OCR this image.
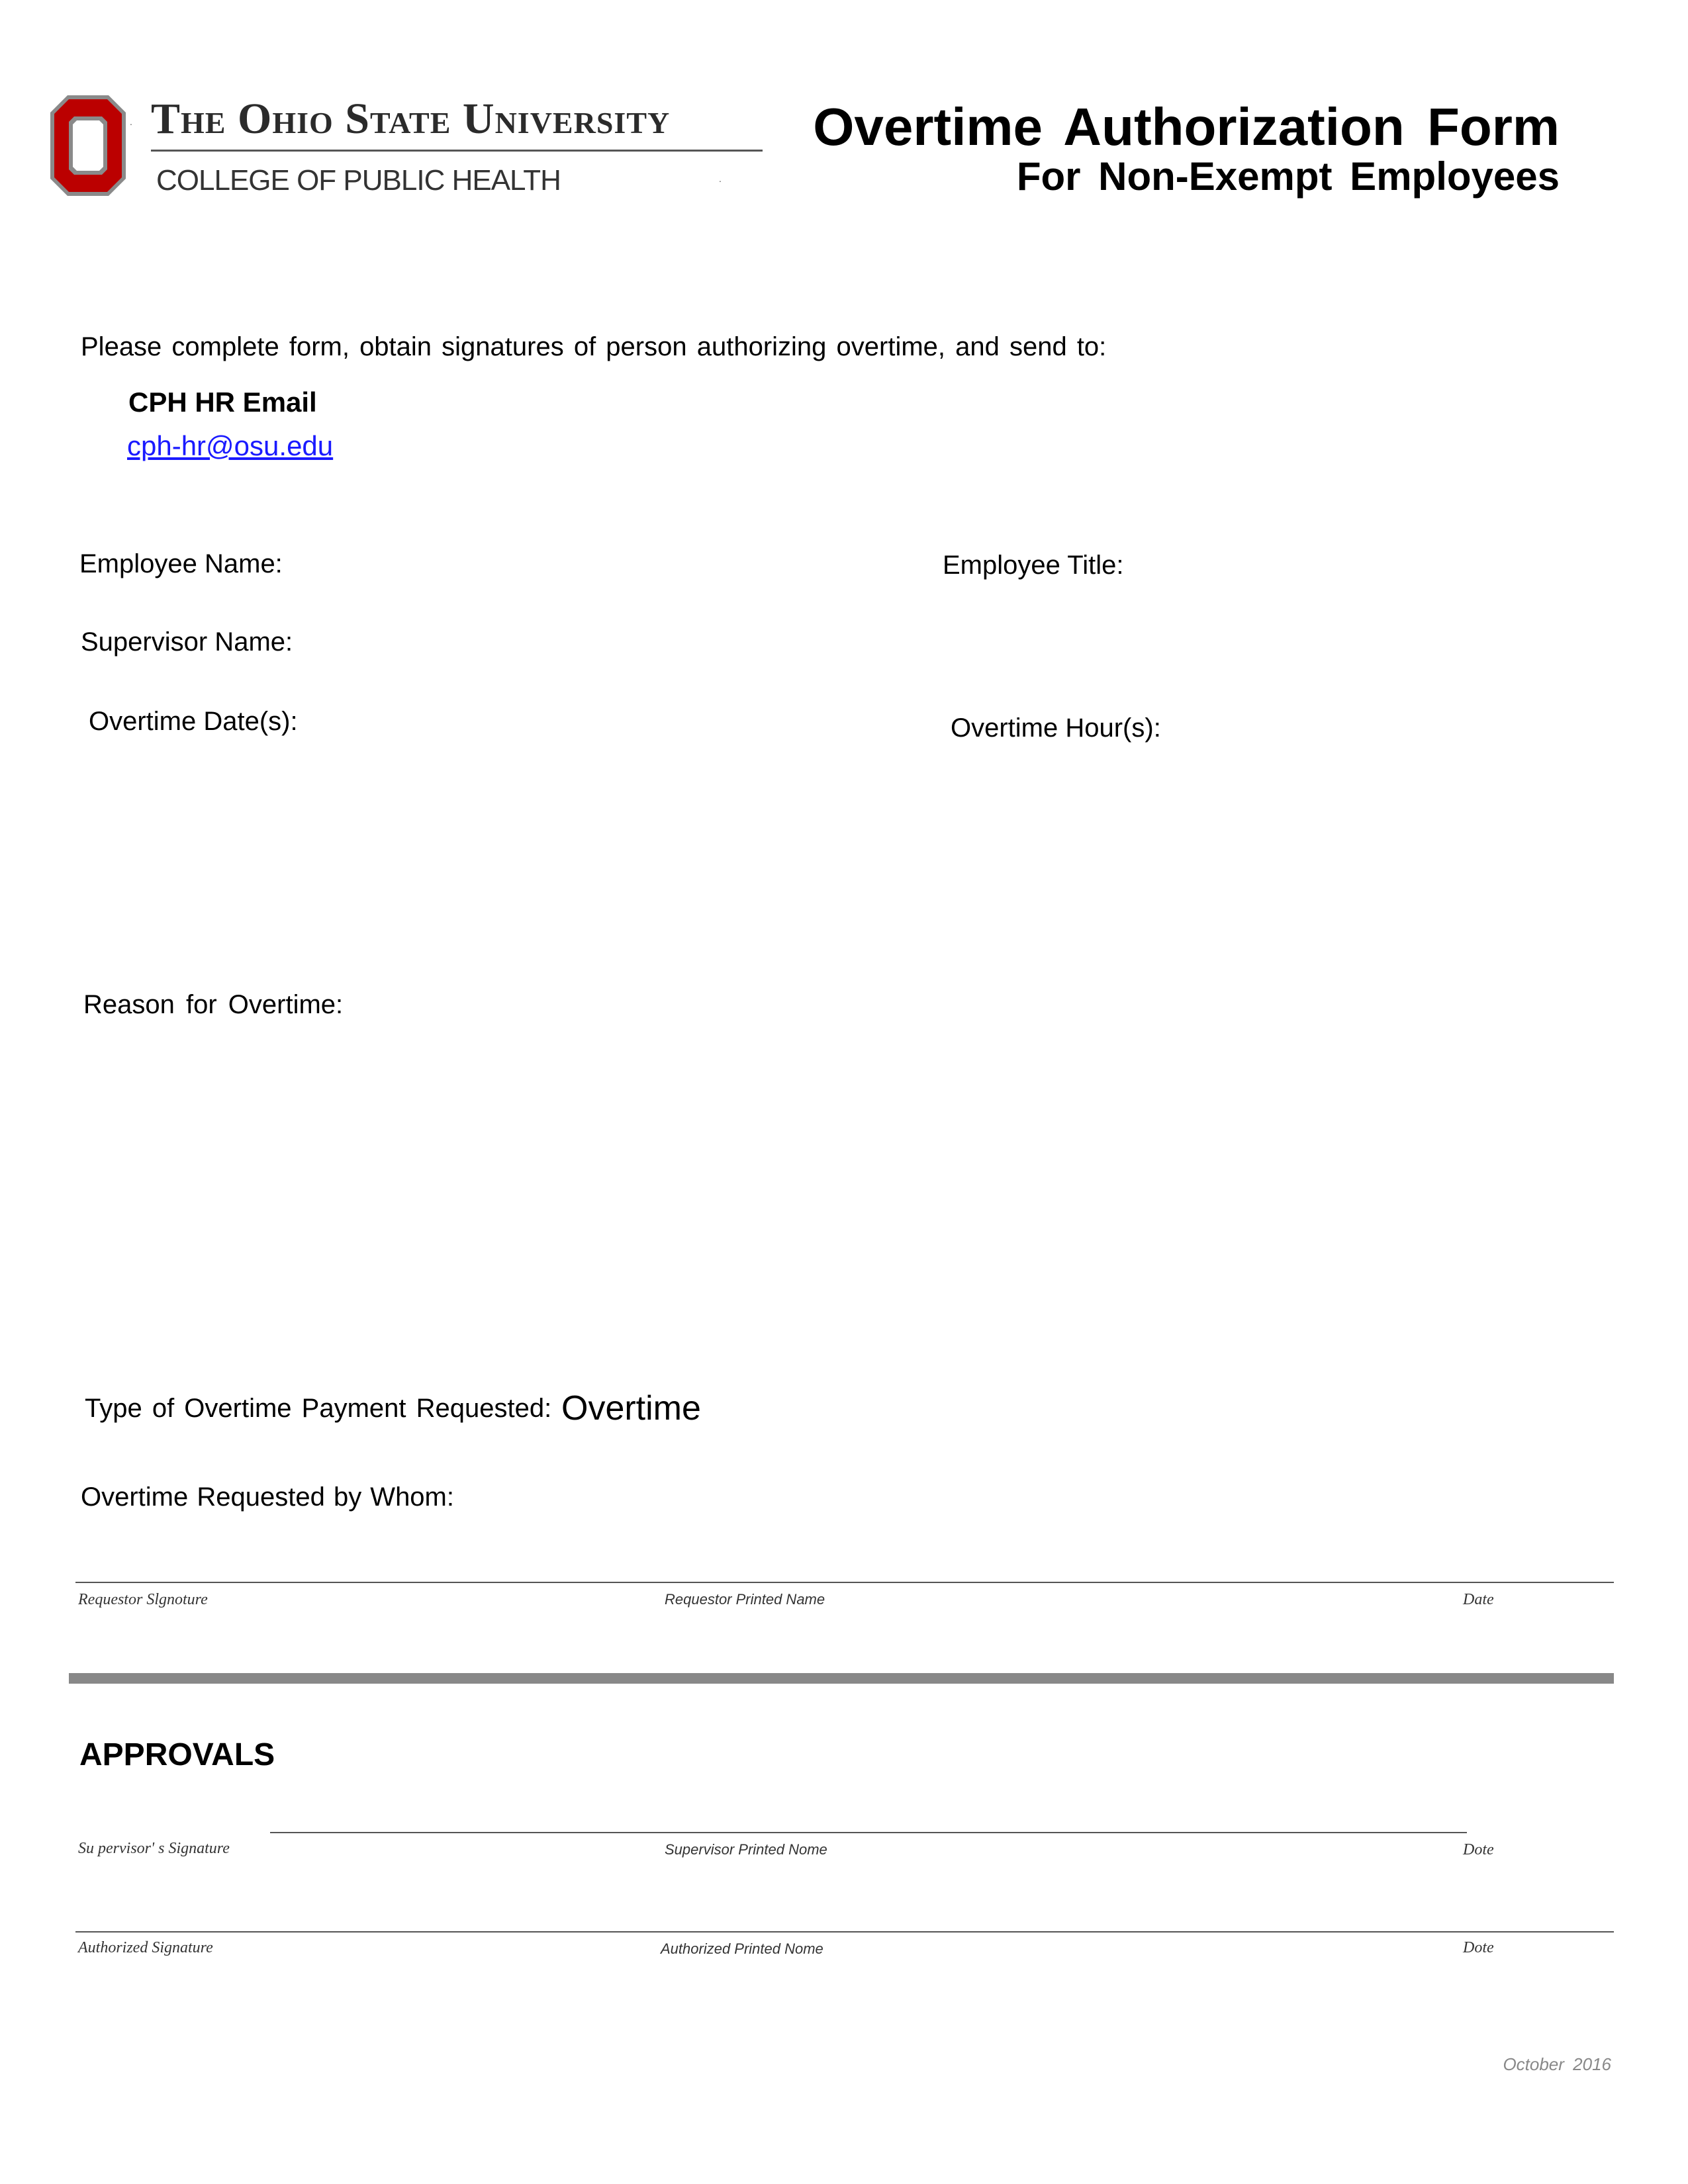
. The Ohio State University
COLLEGE OF PUBLIC HEALTH	.
Overtime Authorization Form
For Non-Exempt Employees
Please complete form, obtain signatures of person authorizing overtime, and send to:
CPH HR Email
cph-hr@osu.edu
Employee Name:	Employee Title:
Supervisor Name:
Overtime Date(s):	Overtime Hour(s):
Reason for Overtime:
Type of Overtime Payment Requested: Overtime
Overtime Requested by Whom:
Requestor Slgnoture	Requestor Printed Name	Date
APPROVALS
Su pervisor' s Signature	Supervisor Printed Nome	Dote
Authorized Signature	Authorized Printed Nome	Dote
October 2016
